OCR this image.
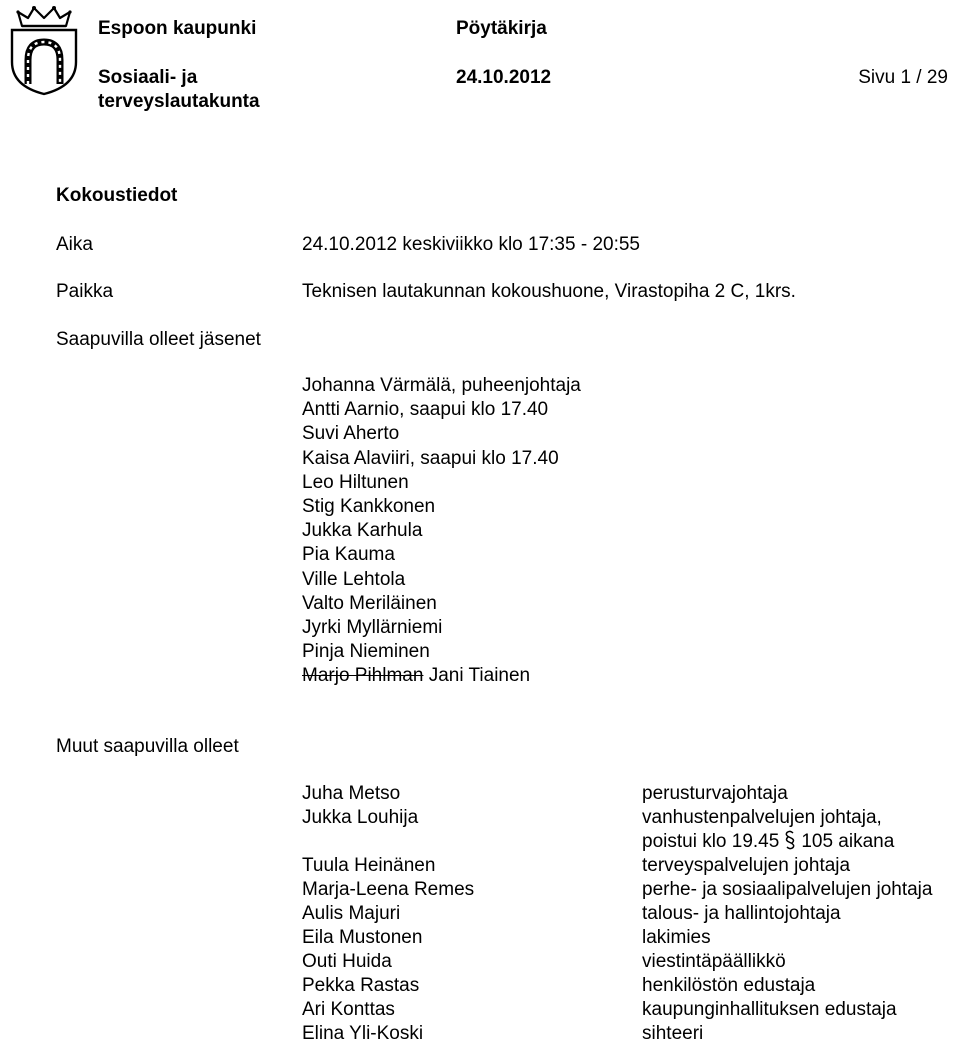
Espoon kaupunki	Pöytäkirja
Sosiaali- ja
terveyslautakunta
24.10.2012	Sivu 1 / 29
Kokoustiedot
Aika	24.10.2012 keskiviikko klo 17:35 - 20:55
Paikka	Teknisen lautakunnan kokoushuone, Virastopiha 2 C, 1krs.
Saapuvilla olleet jäsenet
Johanna Värmälä, puheenjohtaja
Antti Aarnio, saapui klo 17.40
Suvi Aherto
Kaisa Alaviiri, saapui klo 17.40
Leo Hiltunen
Stig Kankkonen
Jukka Karhula
Pia Kauma
Ville Lehtola
Valto Meriläinen
Jyrki Myllärniemi
Pinja Nieminen
Marjo Pihlman Jani Tiainen
Muut saapuvilla olleet
Juha Metso	perusturvajohtaja
Jukka Louhija	vanhustenpalvelujen johtaja,
poistui klo 19.45 105 aikana
Tuula Heinänen	terveyspalvelujen johtaja
Marja-Leena Remes	perhe- ja sosiaalipalvelujen johtaja
Aulis Majuri	talous- ja hallintojohtaja
Eila Mustonen	lakimies
Outi Huida	viestintäpäällikkö
Pekka Rastas	henkilöstön edustaja
Ari Konttas	kaupunginhallituksen edustaja
Elina Yli-Koski	sihteeri
